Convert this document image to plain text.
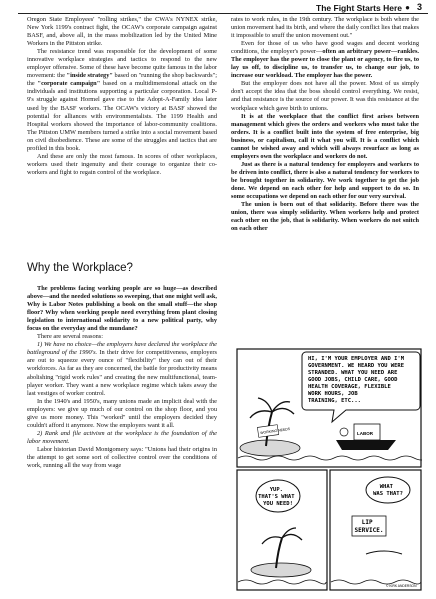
The Fight Starts Here ● 3

Oregon State Employees' "rolling strikes," the CWA's NYNEX strike, New York 1199's contract fight, the OCAW's corporate campaign against BASF, and, above all, in the mass mobilization led by the United Mine Workers in the Pittston strike.

The resistance trend was responsible for the development of some innovative workplace strategies and tactics to respond to the new employer offensive. Some of these have become quite famous in the labor movement: the "inside strategy" based on "running the shop backwards"; the "corporate campaign" based on a multidimensional attack on the individuals and institutions supporting a particular corporation. Local P-9's struggle against Hormel gave rise to the Adopt-A-Family idea later used by the BASF workers. The OCAW's victory at BASF showed the potential for alliances with environmentalists. The 1199 Health and Hospital workers showed the importance of labor-community coalitions. The Pittston UMW members turned a strike into a social movement based on civil disobedience. These are some of the struggles and tactics that are profiled in this book.

And these are only the most famous. In scores of other workplaces, workers used their ingenuity and their courage to organize their co-workers and fight to regain control of the workplace.

Why the Workplace?

The problems facing working people are so huge—as described above—and the needed solutions so sweeping, that one might well ask, Why is Labor Notes publishing a book on the small stuff—the shop floor? Why when working people need everything from plant closing legislation to international solidarity to a new political party, why focus on the everyday and the mundane?

There are several reasons:

1) We have no choice—the employers have declared the workplace the battleground of the 1990's. In their drive for competitiveness, employers are out to squeeze every ounce of "flexibility" they can out of their workforces. As far as they are concerned, the battle for productivity means abolishing "rigid work rules" and creating the new multifunctional, team-player worker. They want a new workplace regime which takes away the last vestiges of worker control.

In the 1940's and 1950's, many unions made an implicit deal with the employers: we give up much of our control on the shop floor, and you give us more money. This "worked" until the employers decided they couldn't afford it anymore. Now the employers want it all.

2) Rank and file activism at the workplace is the foundation of the labor movement.

Labor historian David Montgomery says: "Unions had their origins in the attempt to get some sort of collective control over the conditions of work, running all the way from wage

rates to work rules, in the 19th century. The workplace is both where the union movement had its birth, and where the daily conflict lies that makes it impossible to snuff the union movement out."

Even for those of us who have good wages and decent working conditions, the employer's power—often an arbitrary power—rankles. The employer has the power to close the plant or agency, to fire us, to lay us off, to discipline us, to transfer us, to change our job, to increase our workload. The employer has the power.

But the employer does not have all the power. Most of us simply don't accept the idea that the boss should control everything. We resist, and that resistance is the source of our power. It was this resistance at the workplace which gave birth to unions.

It is at the workplace that the conflict first arises between management which gives the orders and workers who must take the orders. It is a conflict built into the system of free enterprise, big business, or capitalism, call it what you will. It is a conflict which cannot be wished away and which will always resurface as long as employers own the workplace and workers do not.

Just as there is a natural tendency for employers and workers to be driven into conflict, there is also a natural tendency for workers to be brought together in solidarity. We work together to get the job done. We depend on each other for help and support to do so. In some occupations we depend on each other for our very survival.

The union is born out of that solidarity. Before there was the union, there was simply solidarity. When workers help and protect each other on the job, that is solidarity. When workers do not snitch on each other

HI, I'M YOUR EMPLOYER AND I'M GOVERNMENT. WE HEARD YOU WERE STRANDED. WHAT YOU NEED ARE GOOD JOBS, CHILD CARE, GOOD HEALTH COVERAGE, FLEXIBLE WORK HOURS, JOB TRAINING, ETC...
WORKING NEEDS	LABOR
YUP. THAT'S WHAT YOU NEED!
WHAT WAS THAT?
LIP SERVICE.
© KIRK ANDERSON
